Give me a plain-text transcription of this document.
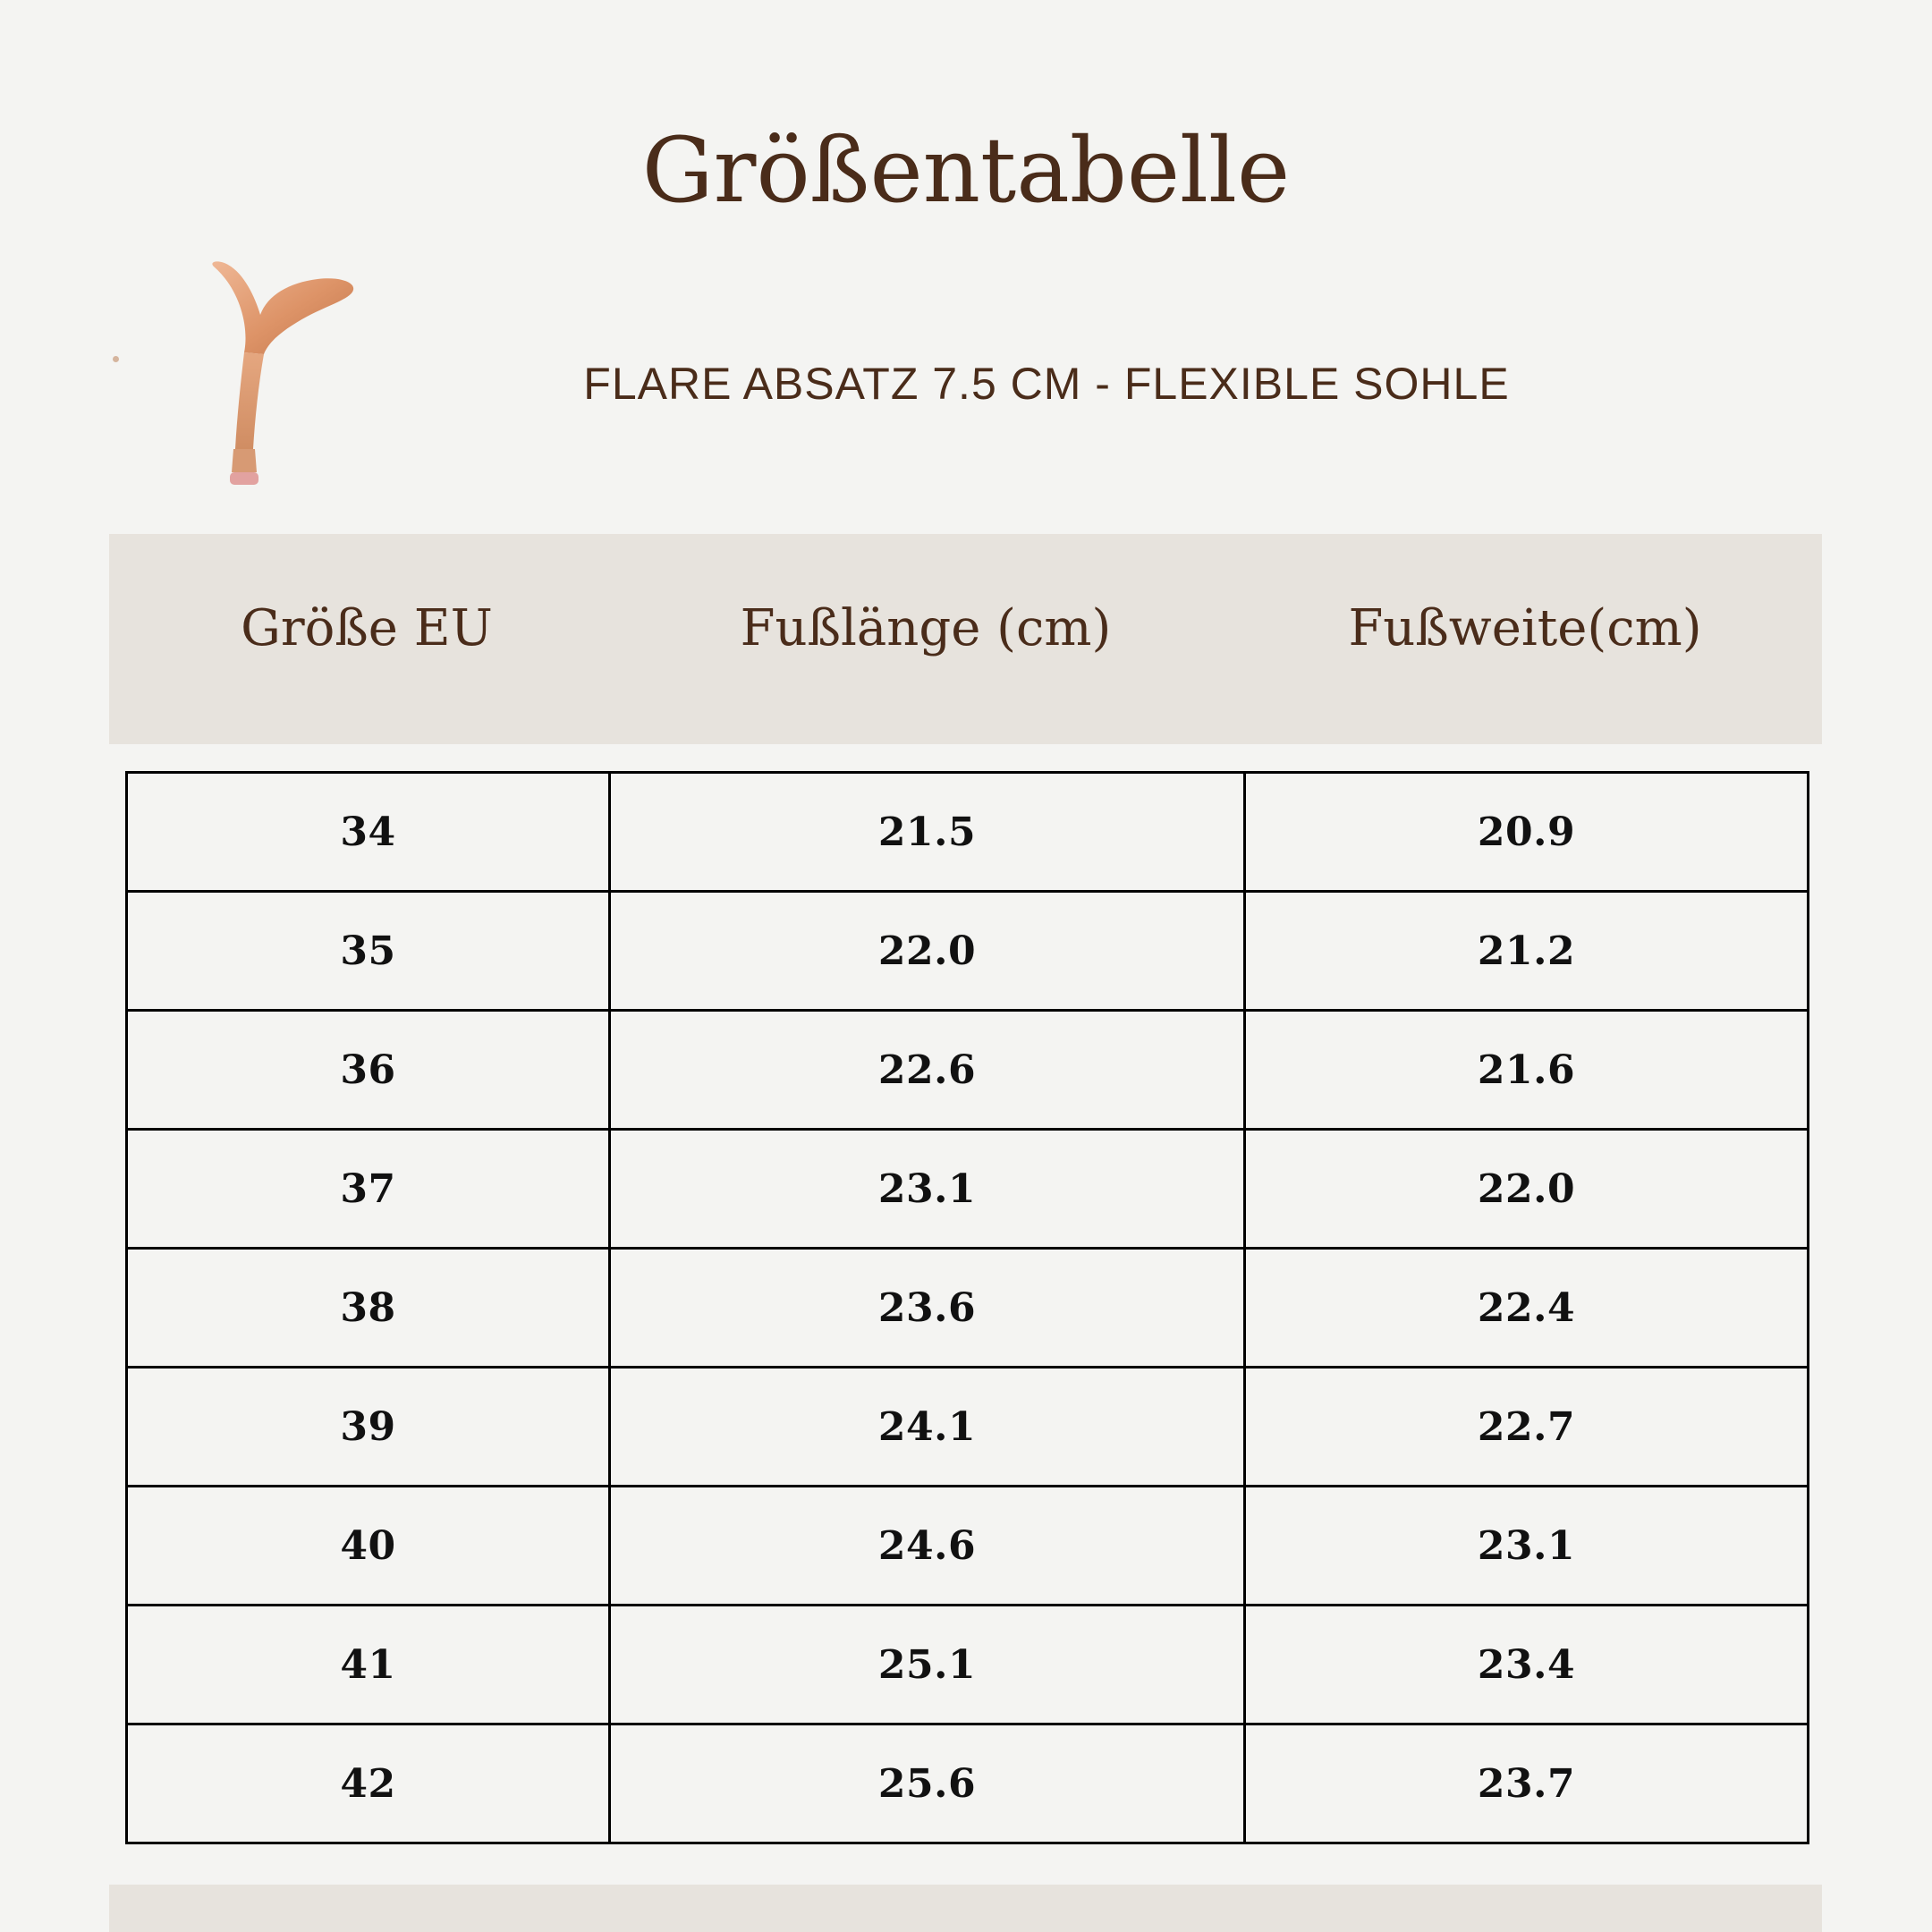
Größentabelle
FLARE ABSATZ 7.5 CM - FLEXIBLE SOHLE
Größe EU	Fußlänge (cm)	Fußweite(cm)
34	21.5	20.9
35	22.0	21.2
36	22.6	21.6
37	23.1	22.0
38	23.6	22.4
39	24.1	22.7
40	24.6	23.1
41	25.1	23.4
42	25.6	23.7
